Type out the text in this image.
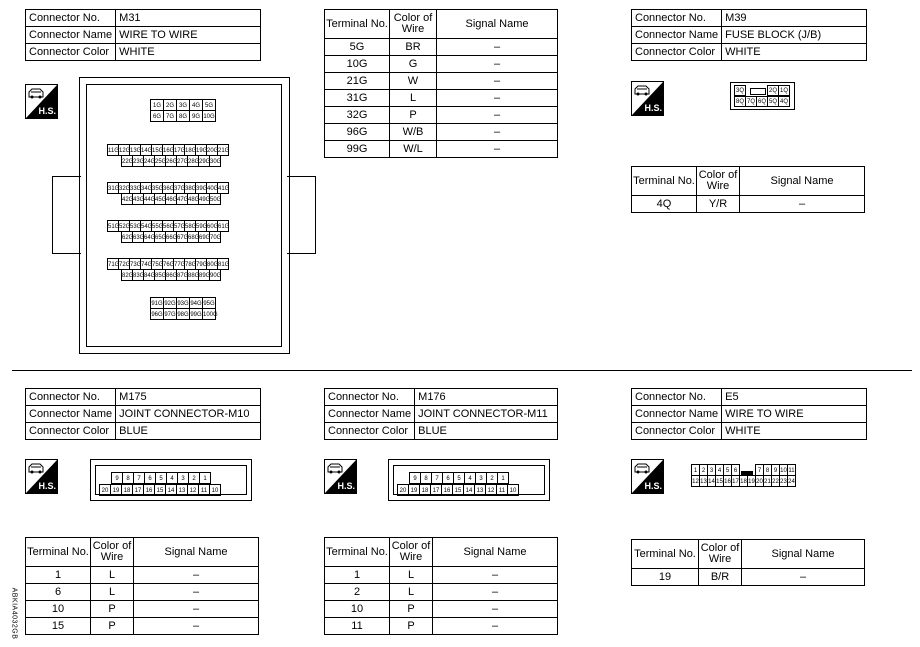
Connector No.	M31
Connector Name	WIRE TO WIRE
Connector Color	WHITE
H.S.	1G 2G 3G 4G 5G
6G 7G 8G 9G 10G
11G 12G 13G 14G 15G 16G 17G 18G 19G 20G 21G
22G 23G 24G 25G 26G 27G 28G 29G 30G
31G 32G 33G 34G 35G 36G 37G 38G 39G 40G 41G
42G 43G 44G 45G 46G 47G 48G 49G 50G
51G 52G 53G 54G 55G 56G 57G 58G 59G 60G 61G
62G 63G 64G 65G 66G 67G 68G 69G 70G
71G 72G 73G 74G 75G 76G 77G 78G 79G 80G 81G
82G 83G 84G 85G 86G 87G 88G 89G 90G
91G 92G 93G 94G 95G
96G 97G 98G 99G 100G
Terminal No.	Color of Wire	Signal Name
5G	BR	–
10G	G	–
21G	W	–
31G	L	–
32G	P	–
96G	W/B	–
99G	W/L	–
Connector No.	M39
Connector Name	FUSE BLOCK (J/B)
Connector Color	WHITE
H.S.
3Q	2Q 1Q
8Q 7Q 6Q 5Q 4Q
Terminal No.	Color of Wire	Signal Name
4Q	Y/R	–
Connector No.	M175
Connector Name	JOINT CONNECTOR-M10
Connector Color	BLUE
H.S.
9	8	7	6	5	4	3	2	1
20 19 18 17 16 15 14 13 12 11 10
Terminal No.	Color of Wire	Signal Name
1	L	–
6	L	–
10	P	–
15	P	–
Connector No.	M176
Connector Name	JOINT CONNECTOR-M11
Connector Color	BLUE
H.S.
9	8	7	6	5	4	3	2	1
20 19 18 17 16 15 14 13 12 11 10
Terminal No.	Color of Wire	Signal Name
1	L	–
2	L	–
10	P	–
11	P	–
Connector No.	E5
Connector Name	WIRE TO WIRE
Connector Color	WHITE
H.S.
1 2 3 4 5 6	7 8 9 10 11
12 13 14 15 16 17 18 19 20 21 22 23 24
Terminal No.	Color of Wire	Signal Name
19	B/R	–
ABKIA4032GB
